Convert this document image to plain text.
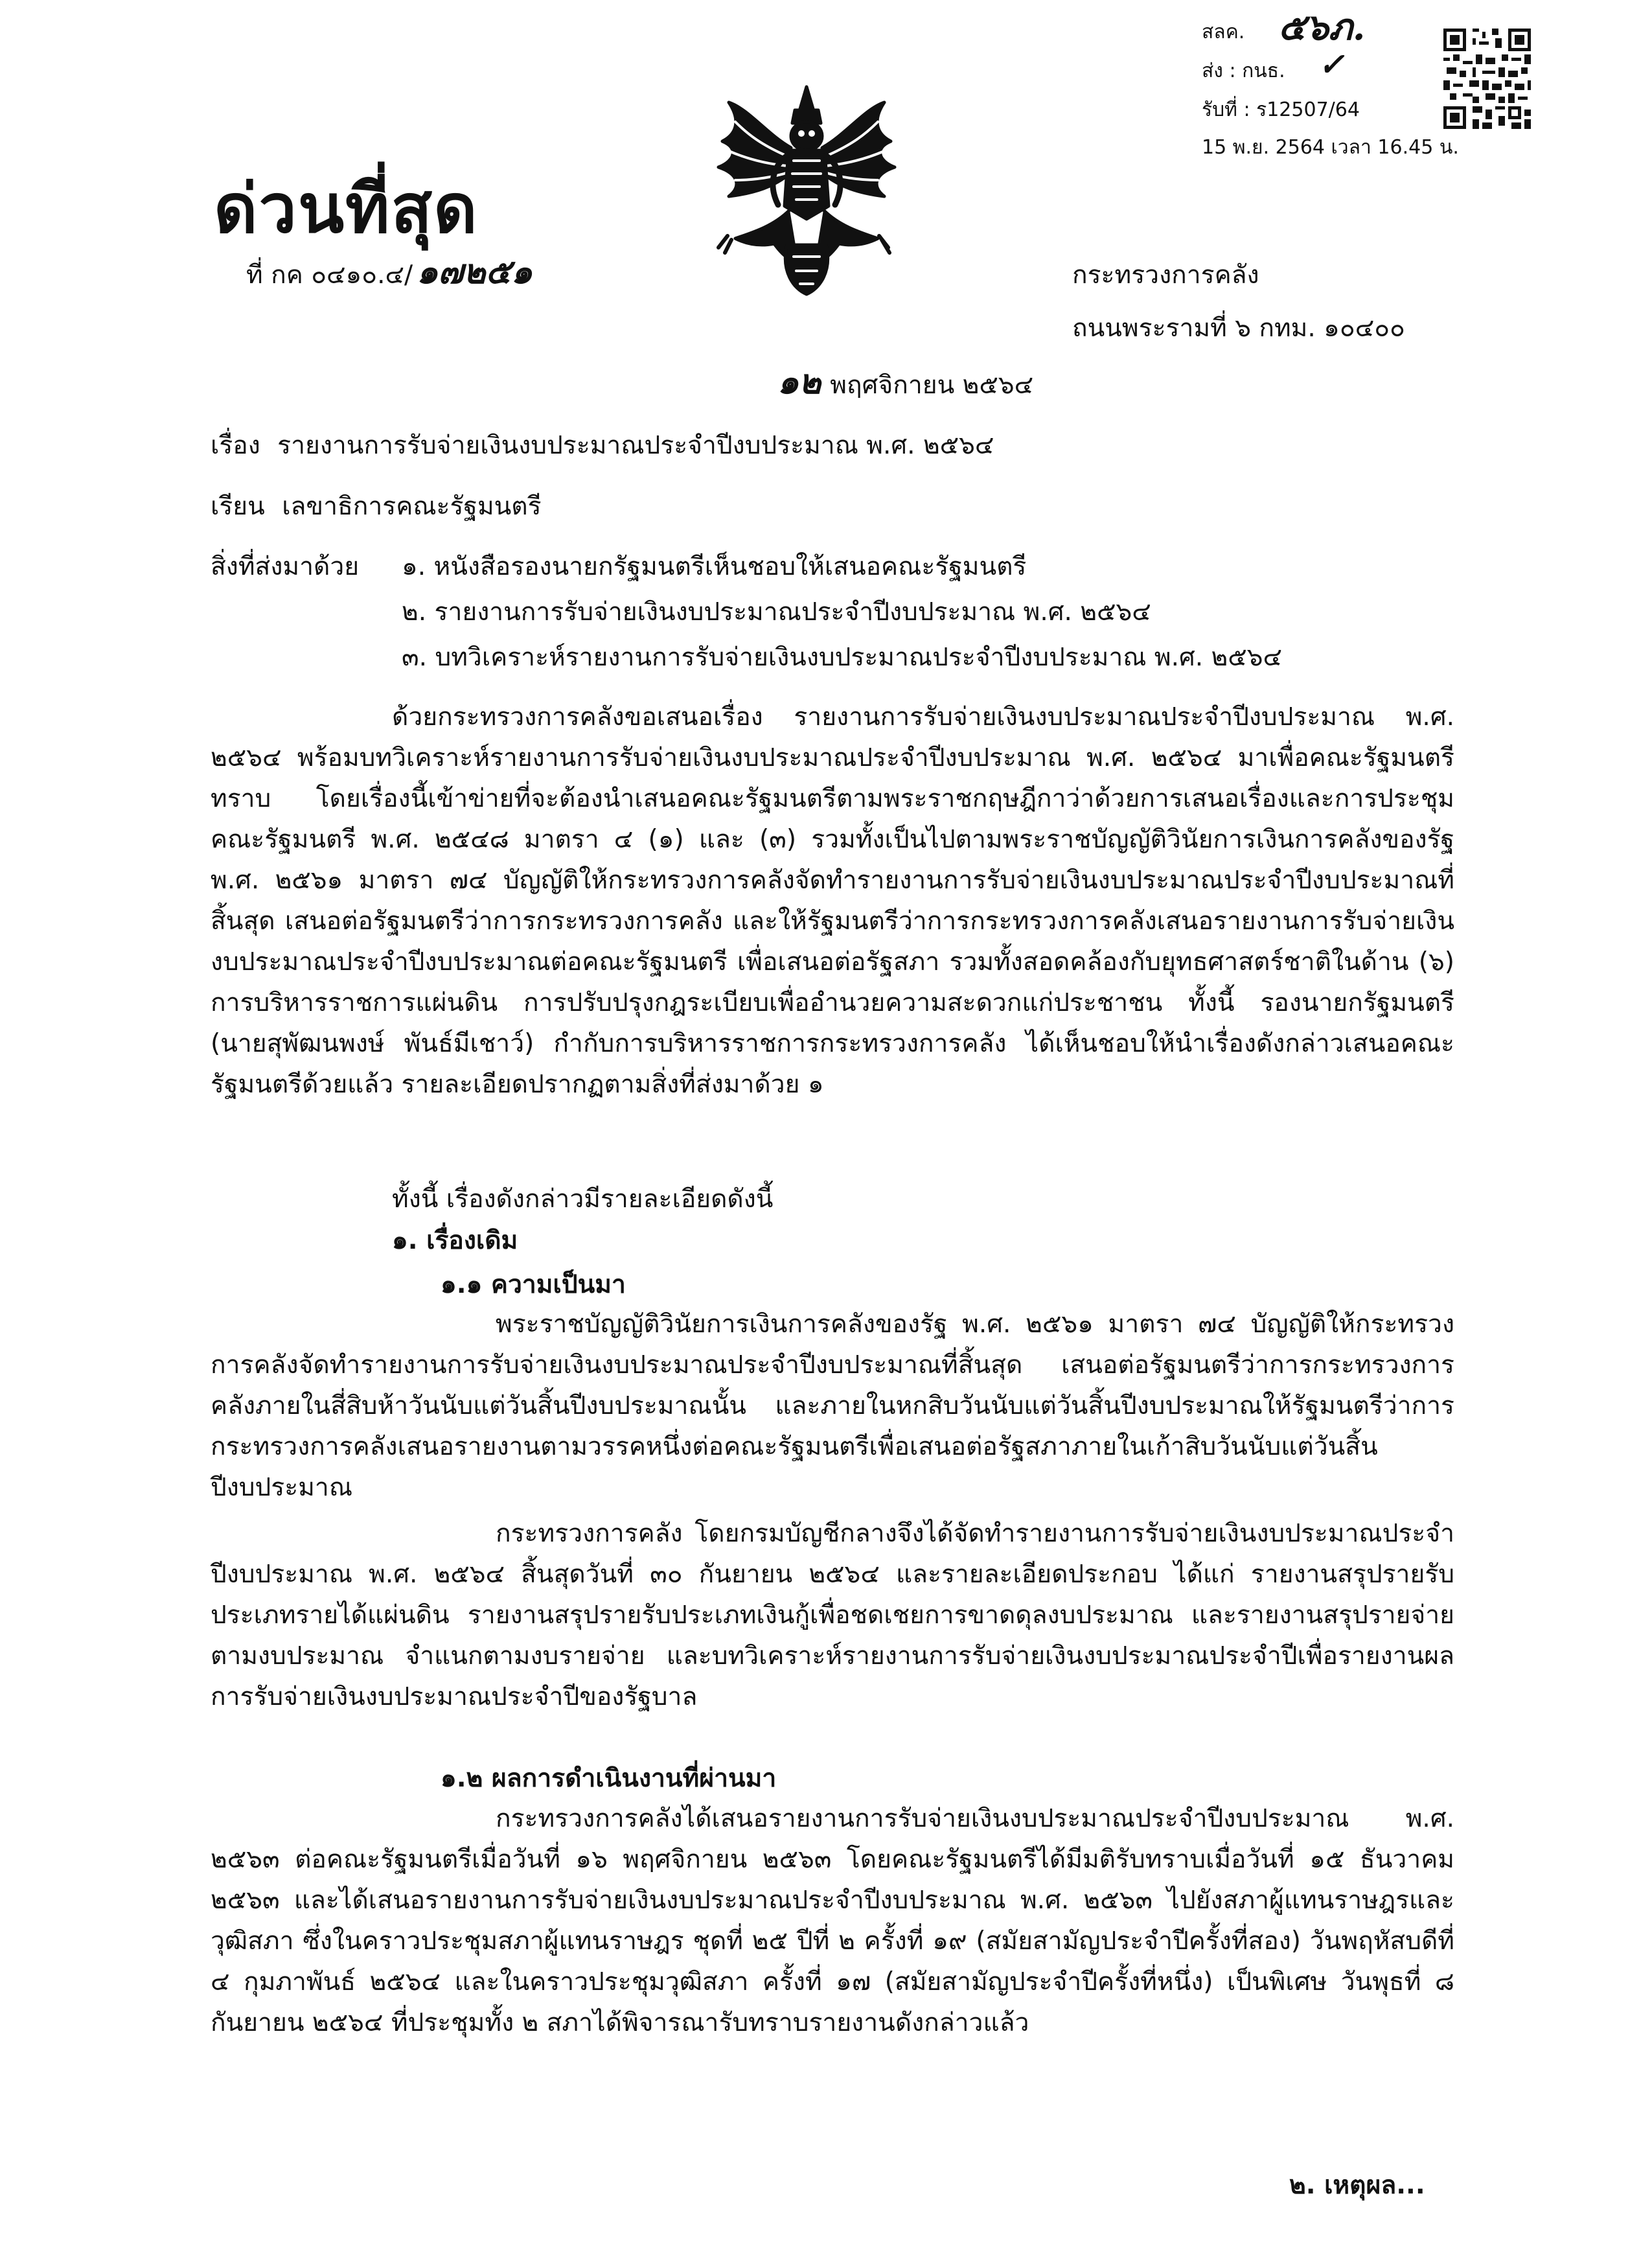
สลค. ๕๖ภ.
ส่ง : กนธ. ✓
รับที่ : ร12507/64
15 พ.ย. 2564 เวลา 16.45 น.
ด่วนที่สุด
ที่ กค ๐๔๑๐.๔/ ๑๗๒๕๑	กระทรวงการคลัง
ถนนพระรามที่ ๖ กทม. ๑๐๔๐๐
๑๒ พฤศจิกายน ๒๕๖๔
เรื่อง รายงานการรับจ่ายเงินงบประมาณประจำปีงบประมาณ พ.ศ. ๒๕๖๔
เรียน เลขาธิการคณะรัฐมนตรี
สิ่งที่ส่งมาด้วย ๑. หนังสือรองนายกรัฐมนตรีเห็นชอบให้เสนอคณะรัฐมนตรี
๒. รายงานการรับจ่ายเงินงบประมาณประจำปีงบประมาณ พ.ศ. ๒๕๖๔
๓. บทวิเคราะห์รายงานการรับจ่ายเงินงบประมาณประจำปีงบประมาณ พ.ศ. ๒๕๖๔

ด้วยกระทรวงการคลังขอเสนอเรื่อง รายงานการรับจ่ายเงินงบประมาณประจำปีงบประมาณ พ.ศ. ๒๕๖๔ พร้อมบทวิเคราะห์รายงานการรับจ่ายเงินงบประมาณประจำปีงบประมาณ พ.ศ. ๒๕๖๔ มาเพื่อคณะรัฐมนตรีทราบ โดยเรื่องนี้เข้าข่ายที่จะต้องนำเสนอคณะรัฐมนตรีตามพระราชกฤษฎีกาว่าด้วยการเสนอเรื่องและการประชุมคณะรัฐมนตรี พ.ศ. ๒๕๔๘ มาตรา ๔ (๑) และ (๓) รวมทั้งเป็นไปตามพระราชบัญญัติวินัยการเงินการคลังของรัฐ พ.ศ. ๒๕๖๑ มาตรา ๗๔ บัญญัติให้กระทรวงการคลังจัดทำรายงานการรับจ่ายเงินงบประมาณประจำปีงบประมาณที่สิ้นสุด เสนอต่อรัฐมนตรีว่าการกระทรวงการคลัง และให้รัฐมนตรีว่าการกระทรวงการคลังเสนอรายงานการรับจ่ายเงินงบประมาณประจำปีงบประมาณต่อคณะรัฐมนตรี เพื่อเสนอต่อรัฐสภา รวมทั้งสอดคล้องกับยุทธศาสตร์ชาติในด้าน (๖) การบริหารราชการแผ่นดิน การปรับปรุงกฎระเบียบเพื่ออำนวยความสะดวกแก่ประชาชน ทั้งนี้ รองนายกรัฐมนตรี (นายสุพัฒนพงษ์ พันธ์มีเชาว์) กำกับการบริหารราชการกระทรวงการคลัง ได้เห็นชอบให้นำเรื่องดังกล่าวเสนอคณะรัฐมนตรีด้วยแล้ว รายละเอียดปรากฏตามสิ่งที่ส่งมาด้วย ๑

ทั้งนี้ เรื่องดังกล่าวมีรายละเอียดดังนี้
๑. เรื่องเดิม
๑.๑ ความเป็นมา

พระราชบัญญัติวินัยการเงินการคลังของรัฐ พ.ศ. ๒๕๖๑ มาตรา ๗๔ บัญญัติให้กระทรวงการคลังจัดทำรายงานการรับจ่ายเงินงบประมาณประจำปีงบประมาณที่สิ้นสุด เสนอต่อรัฐมนตรีว่าการกระทรวงการคลังภายในสี่สิบห้าวันนับแต่วันสิ้นปีงบประมาณนั้น และภายในหกสิบวันนับแต่วันสิ้นปีงบประมาณให้รัฐมนตรีว่าการกระทรวงการคลังเสนอรายงานตามวรรคหนึ่งต่อคณะรัฐมนตรีเพื่อเสนอต่อรัฐสภาภายในเก้าสิบวันนับแต่วันสิ้นปีงบประมาณ

กระทรวงการคลัง โดยกรมบัญชีกลางจึงได้จัดทำรายงานการรับจ่ายเงินงบประมาณประจำปีงบประมาณ พ.ศ. ๒๕๖๔ สิ้นสุดวันที่ ๓๐ กันยายน ๒๕๖๔ และรายละเอียดประกอบ ได้แก่ รายงานสรุปรายรับประเภทรายได้แผ่นดิน รายงานสรุปรายรับประเภทเงินกู้เพื่อชดเชยการขาดดุลงบประมาณ และรายงานสรุปรายจ่ายตามงบประมาณ จำแนกตามงบรายจ่าย และบทวิเคราะห์รายงานการรับจ่ายเงินงบประมาณประจำปีเพื่อรายงานผลการรับจ่ายเงินงบประมาณประจำปีของรัฐบาล

๑.๒ ผลการดำเนินงานที่ผ่านมา

กระทรวงการคลังได้เสนอรายงานการรับจ่ายเงินงบประมาณประจำปีงบประมาณ พ.ศ. ๒๕๖๓ ต่อคณะรัฐมนตรีเมื่อวันที่ ๑๖ พฤศจิกายน ๒๕๖๓ โดยคณะรัฐมนตรีได้มีมติรับทราบเมื่อวันที่ ๑๕ ธันวาคม ๒๕๖๓ และได้เสนอรายงานการรับจ่ายเงินงบประมาณประจำปีงบประมาณ พ.ศ. ๒๕๖๓ ไปยังสภาผู้แทนราษฎรและวุฒิสภา ซึ่งในคราวประชุมสภาผู้แทนราษฎร ชุดที่ ๒๕ ปีที่ ๒ ครั้งที่ ๑๙ (สมัยสามัญประจำปีครั้งที่สอง) วันพฤหัสบดีที่ ๔ กุมภาพันธ์ ๒๕๖๔ และในคราวประชุมวุฒิสภา ครั้งที่ ๑๗ (สมัยสามัญประจำปีครั้งที่หนึ่ง) เป็นพิเศษ วันพุธที่ ๘ กันยายน ๒๕๖๔ ที่ประชุมทั้ง ๒ สภาได้พิจารณารับทราบรายงานดังกล่าวแล้ว

๒. เหตุผล...
